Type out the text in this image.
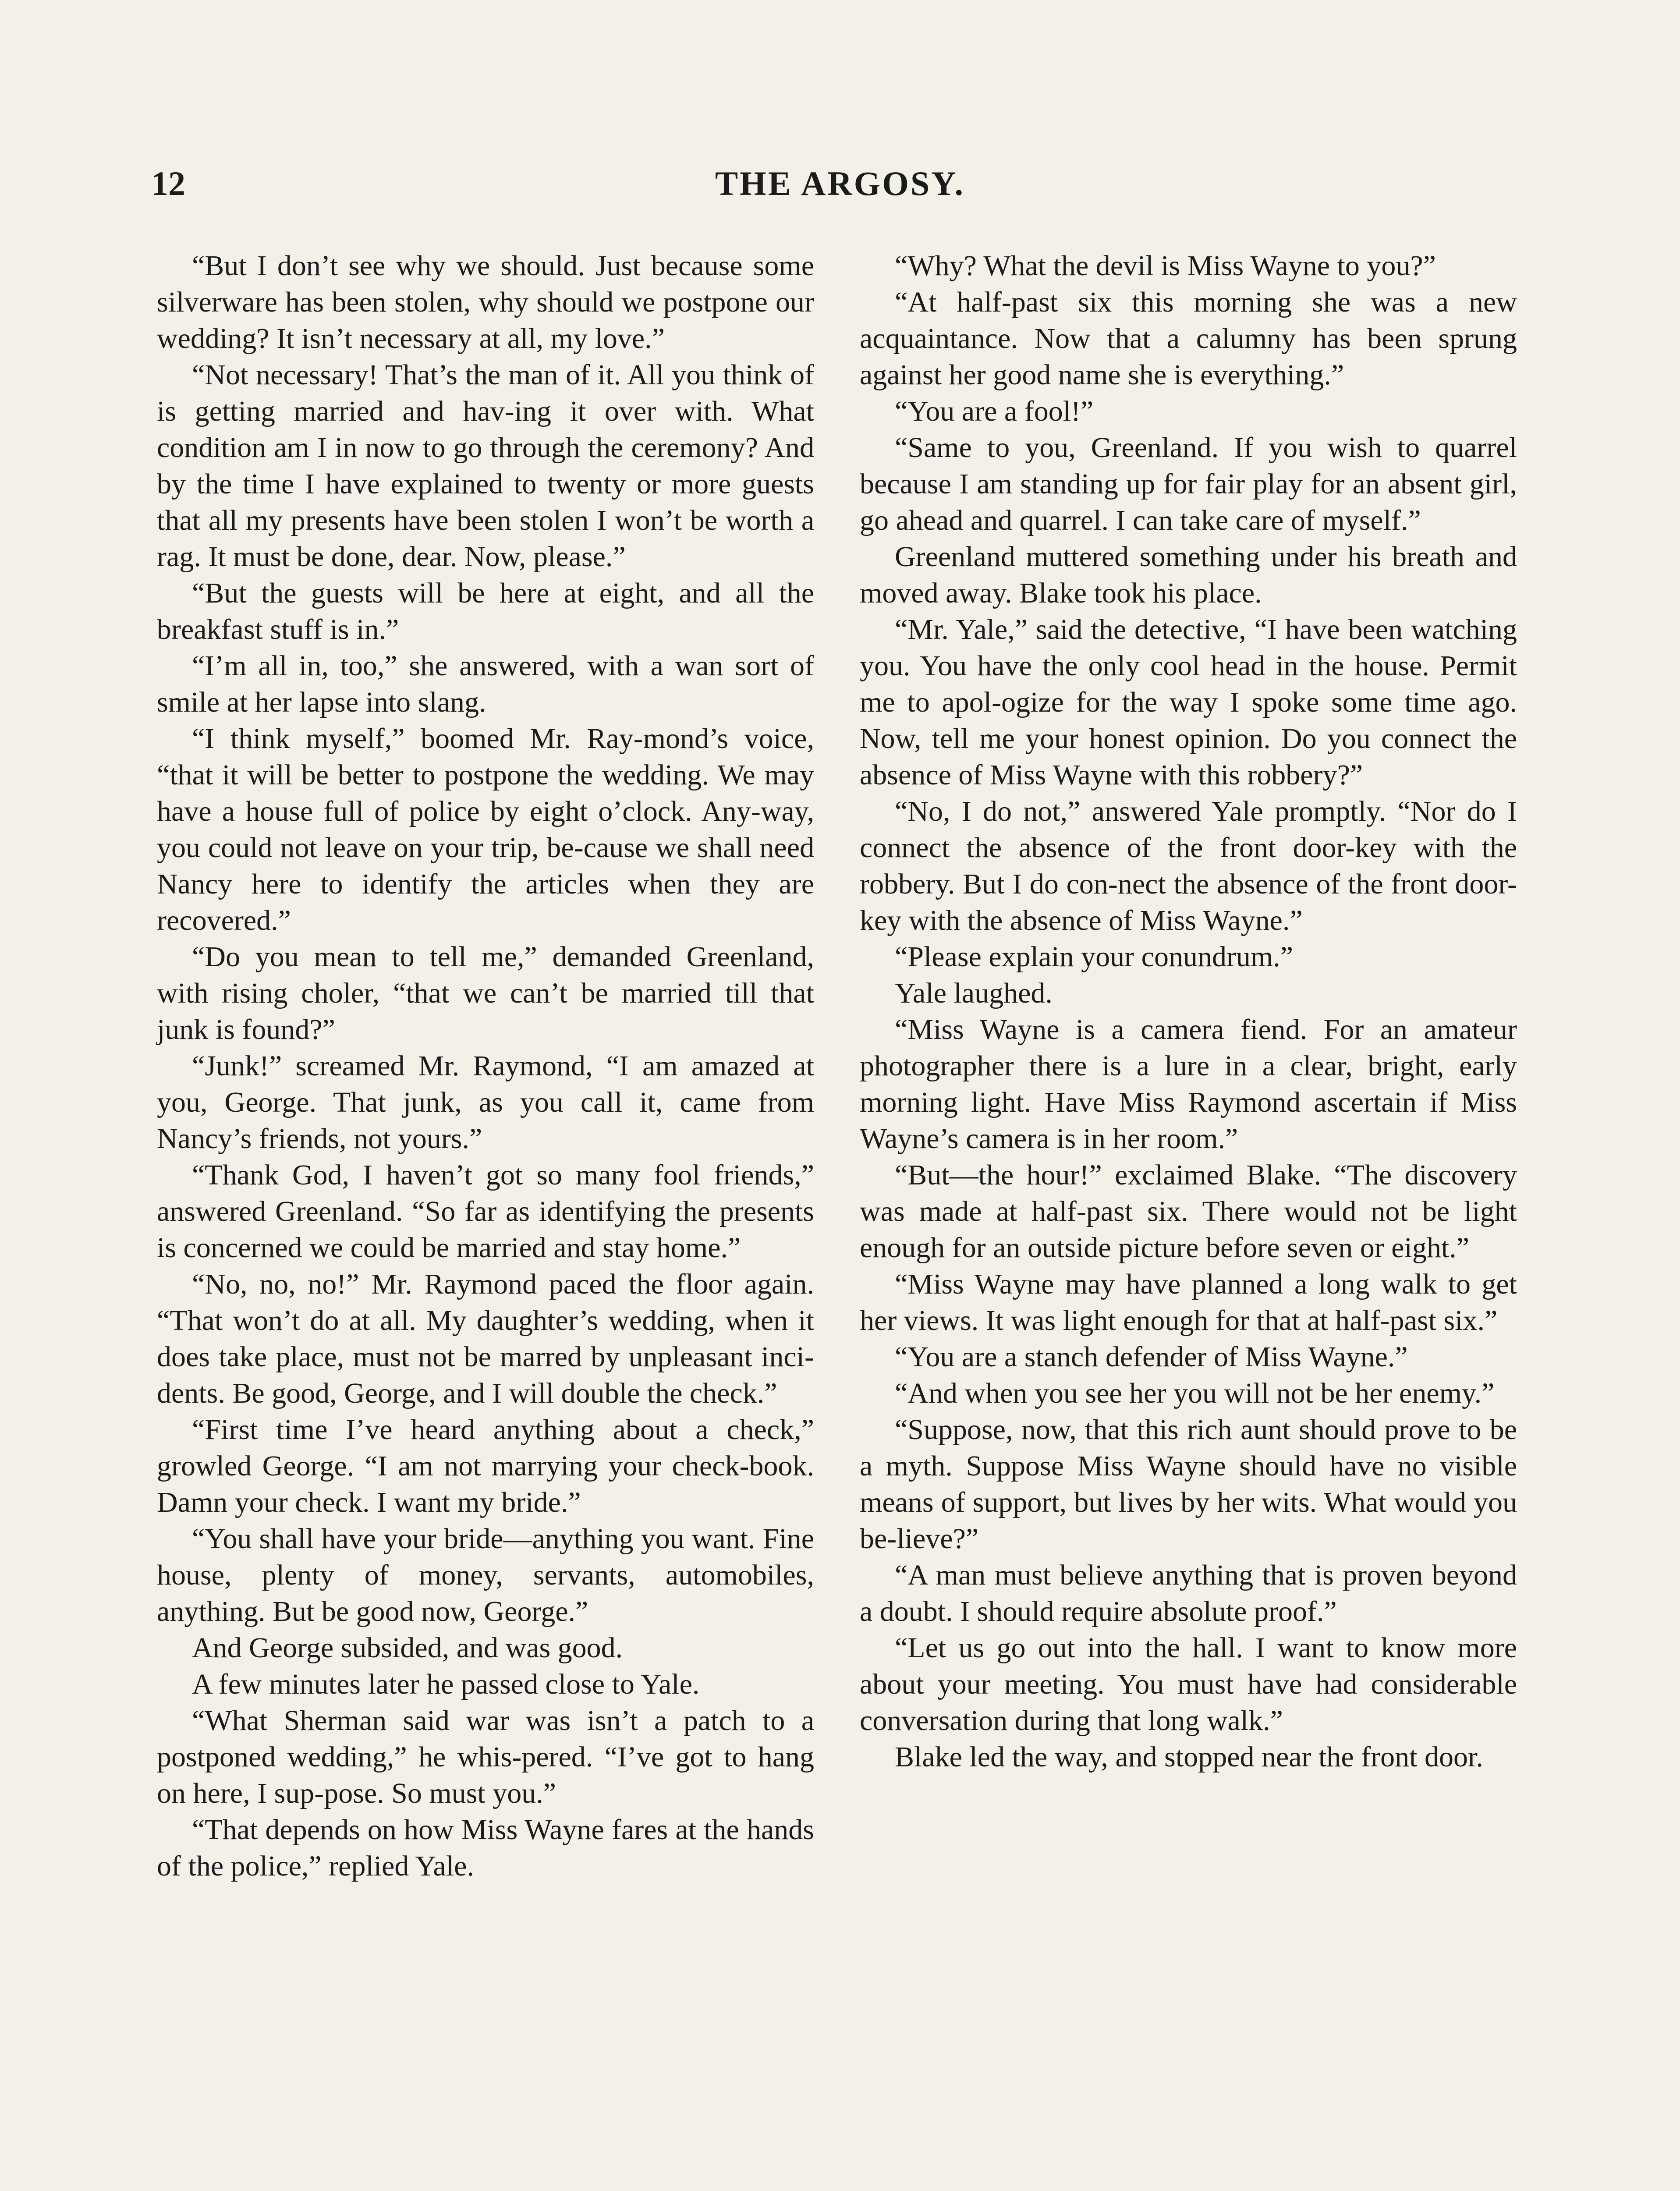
12	THE ARGOSY.

“But I don’t see why we should. Just because some silverware has been stolen, why should we postpone our wedding? It isn’t necessary at all, my love.”

“Not necessary! That’s the man of it. All you think of is getting married and hav-ing it over with. What condition am I in now to go through the ceremony? And by the time I have explained to twenty or more guests that all my presents have been stolen I won’t be worth a rag. It must be done, dear. Now, please.”

“But the guests will be here at eight, and all the breakfast stuff is in.”

“I’m all in, too,” she answered, with a wan sort of smile at her lapse into slang.

“I think myself,” boomed Mr. Ray-mond’s voice, “that it will be better to postpone the wedding. We may have a house full of police by eight o’clock. Any-way, you could not leave on your trip, be-cause we shall need Nancy here to identify the articles when they are recovered.”

“Do you mean to tell me,” demanded Greenland, with rising choler, “that we can’t be married till that junk is found?”

“Junk!” screamed Mr. Raymond, “I am amazed at you, George. That junk, as you call it, came from Nancy’s friends, not yours.”

“Thank God, I haven’t got so many fool friends,” answered Greenland. “So far as identifying the presents is concerned we could be married and stay home.”

“No, no, no!” Mr. Raymond paced the floor again. “That won’t do at all. My daughter’s wedding, when it does take place, must not be marred by unpleasant inci-dents. Be good, George, and I will double the check.”

“First time I’ve heard anything about a check,” growled George. “I am not marrying your check-book. Damn your check. I want my bride.”

“You shall have your bride—anything you want. Fine house, plenty of money, servants, automobiles, anything. But be good now, George.”

And George subsided, and was good.

A few minutes later he passed close to Yale.

“What Sherman said war was isn’t a patch to a postponed wedding,” he whis-pered. “I’ve got to hang on here, I sup-pose. So must you.”

“That depends on how Miss Wayne fares at the hands of the police,” replied Yale.

“Why? What the devil is Miss Wayne to you?”

“At half-past six this morning she was a new acquaintance. Now that a calumny has been sprung against her good name she is everything.”

“You are a fool!”

“Same to you, Greenland. If you wish to quarrel because I am standing up for fair play for an absent girl, go ahead and quarrel. I can take care of myself.”

Greenland muttered something under his breath and moved away. Blake took his place.

“Mr. Yale,” said the detective, “I have been watching you. You have the only cool head in the house. Permit me to apol-ogize for the way I spoke some time ago. Now, tell me your honest opinion. Do you connect the absence of Miss Wayne with this robbery?”

“No, I do not,” answered Yale promptly. “Nor do I connect the absence of the front door-key with the robbery. But I do con-nect the absence of the front door-key with the absence of Miss Wayne.”

“Please explain your conundrum.”

Yale laughed.

“Miss Wayne is a camera fiend. For an amateur photographer there is a lure in a clear, bright, early morning light. Have Miss Raymond ascertain if Miss Wayne’s camera is in her room.”

“But—the hour!” exclaimed Blake. “The discovery was made at half-past six. There would not be light enough for an outside picture before seven or eight.”

“Miss Wayne may have planned a long walk to get her views. It was light enough for that at half-past six.”

“You are a stanch defender of Miss Wayne.”

“And when you see her you will not be her enemy.”

“Suppose, now, that this rich aunt should prove to be a myth. Suppose Miss Wayne should have no visible means of support, but lives by her wits. What would you be-lieve?”

“A man must believe anything that is proven beyond a doubt. I should require absolute proof.”

“Let us go out into the hall. I want to know more about your meeting. You must have had considerable conversation during that long walk.”

Blake led the way, and stopped near the front door.
